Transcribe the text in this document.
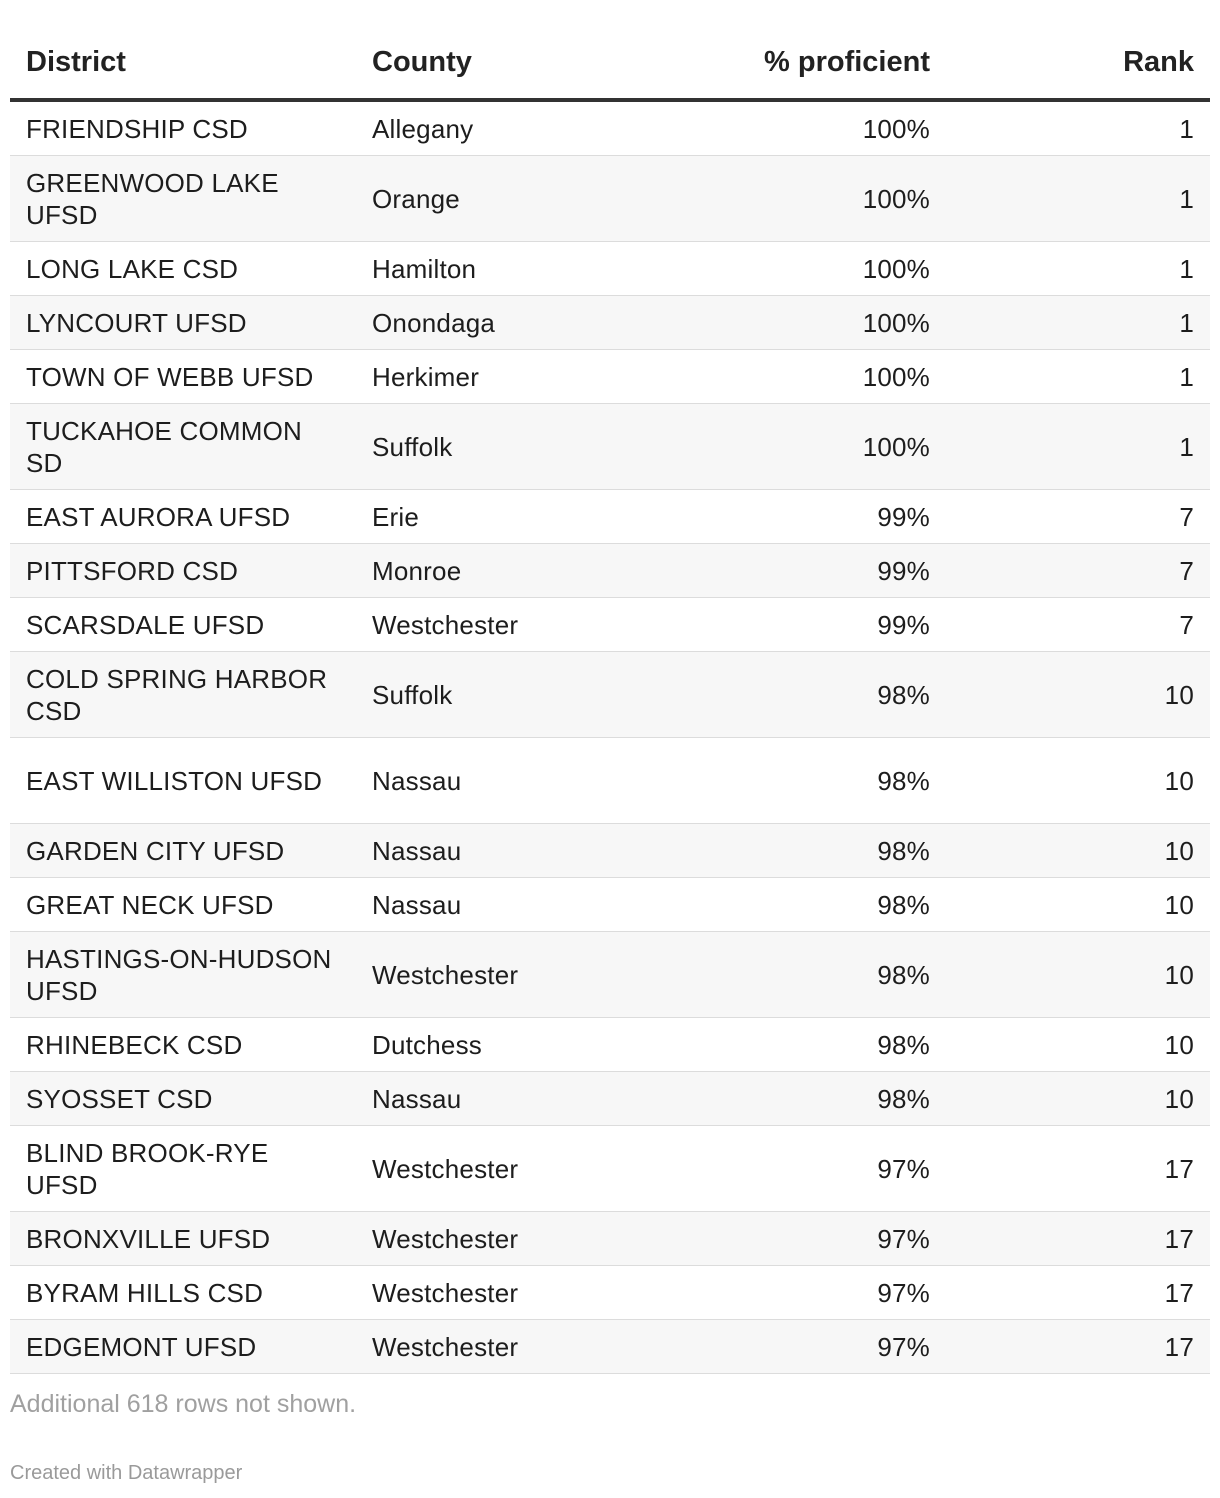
District	County	% proficient	Rank
FRIENDSHIP CSD	Allegany	100%	1
GREENWOOD LAKE UFSD	Orange	100%	1
LONG LAKE CSD	Hamilton	100%	1
LYNCOURT UFSD	Onondaga	100%	1
TOWN OF WEBB UFSD	Herkimer	100%	1
TUCKAHOE COMMON SD	Suffolk	100%	1
EAST AURORA UFSD	Erie	99%	7
PITTSFORD CSD	Monroe	99%	7
SCARSDALE UFSD	Westchester	99%	7
COLD SPRING HARBOR CSD	Suffolk	98%	10
EAST WILLISTON UFSD	Nassau	98%	10
GARDEN CITY UFSD	Nassau	98%	10
GREAT NECK UFSD	Nassau	98%	10
HASTINGS-ON-HUDSON UFSD	Westchester	98%	10
RHINEBECK CSD	Dutchess	98%	10
SYOSSET CSD	Nassau	98%	10
BLIND BROOK-RYE UFSD	Westchester	97%	17
BRONXVILLE UFSD	Westchester	97%	17
BYRAM HILLS CSD	Westchester	97%	17
EDGEMONT UFSD	Westchester	97%	17
Additional 618 rows not shown.
Created with Datawrapper
